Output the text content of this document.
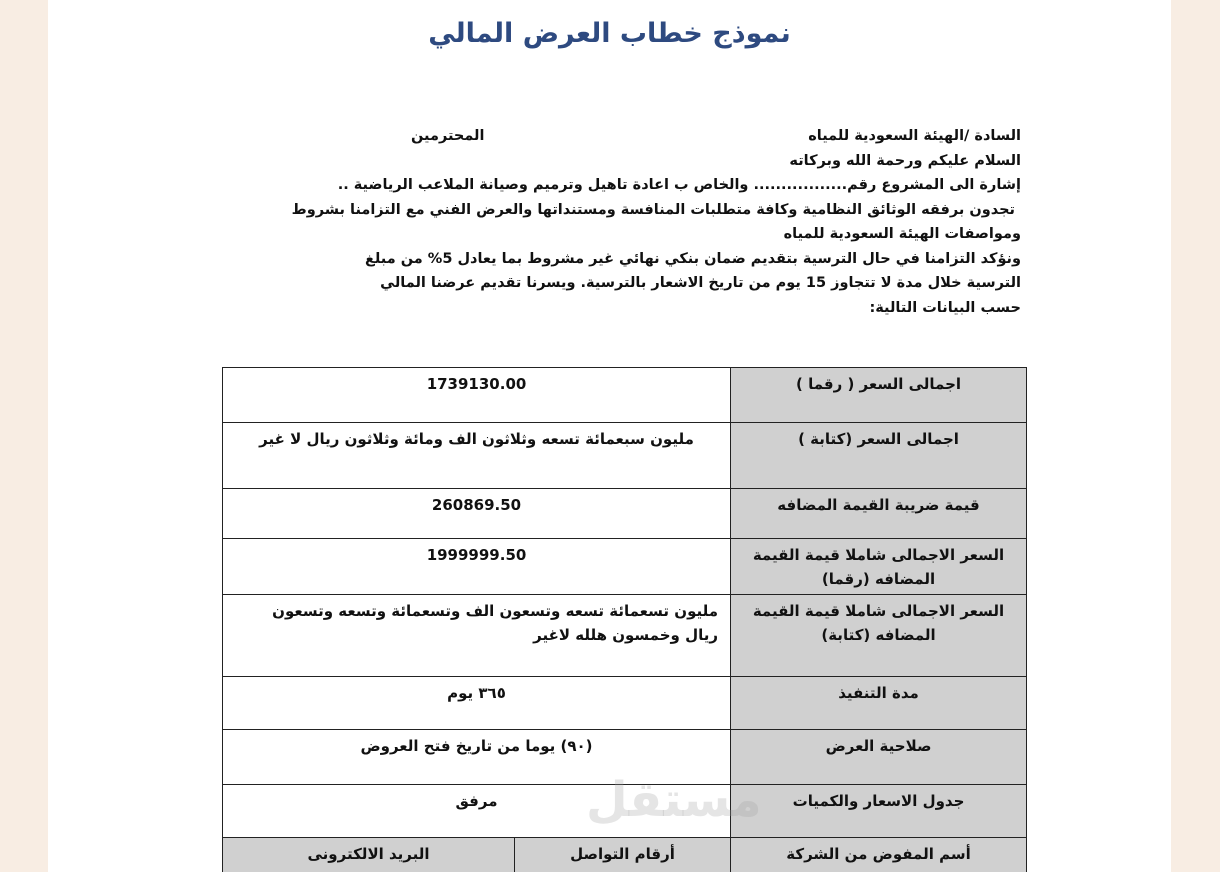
نموذج خطاب العرض المالي
السادة /الهيئة السعودية للمياه
المحترمين
السلام عليكم ورحمة الله وبركاته
إشارة الى المشروع رقم................. والخاص ب اعادة تاهيل وترميم وصيانة الملاعب الرياضية ..
تجدون برفقه الوثائق النظامية وكافة متطلبات المنافسة ومستنداتها والعرض الفني مع التزامنا بشروط
ومواصفات الهيئة السعودية للمياه
ونؤكد التزامنا في حال الترسية بتقديم ضمان بنكي نهائي غير مشروط بما يعادل 5% من مبلغ
الترسية خلال مدة لا تتجاوز 15 يوم من تاريخ الاشعار بالترسية. ويسرنا تقديم عرضنا المالي
حسب البيانات التالية:
اجمالى السعر ( رقما )	1739130.00	
اجمالى السعر (كتابة )	مليون سبعمائة تسعه وثلاثون الف ومائة وثلاثون ريال لا غير	
قيمة ضريبة القيمة المضافه	260869.50	
السعر الاجمالى شاملا قيمة القيمة المضافه (رقما)	1999999.50	
السعر الاجمالى شاملا قيمة القيمة المضافه (كتابة)	مليون تسعمائة تسعه وتسعون الف وتسعمائة وتسعه وتسعون ريال وخمسون هلله لاغير	
مدة التنفيذ	٣٦٥ يوم	
صلاحية العرض	(٩٠) يوما من تاريخ فتح العروض	
جدول الاسعار والكميات	مرفق	
أسم المفوض من الشركة	أرقام التواصل	البريد الالكترونى
مستقل
